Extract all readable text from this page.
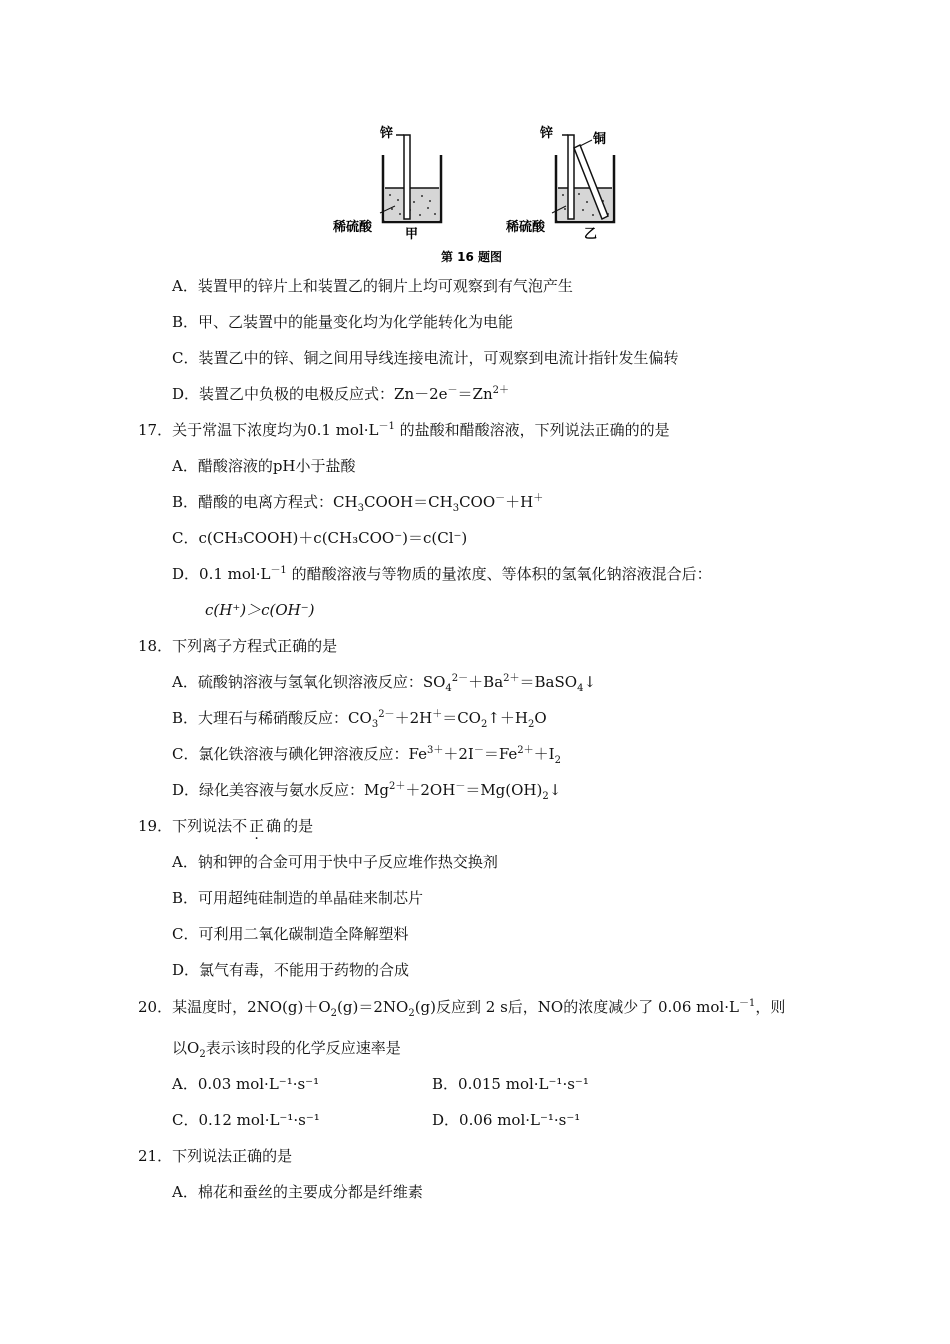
锌
稀硫酸	甲
锌	铜
稀硫酸	乙
第 16 题图
A．装置甲的锌片上和装置乙的铜片上均可观察到有气泡产生
B．甲、乙装置中的能量变化均为化学能转化为电能
C．装置乙中的锌、铜之间用导线连接电流计，可观察到电流计指针发生偏转
D．装置乙中负极的电极反应式：$Zn-2e^-=Zn^{2+}$
17．关于常温下浓度均为0.1 $mol\cdot L^{-1}$ 的盐酸和醋酸溶液，下列说法正确的的是
A．醋酸溶液的pH小于盐酸
B．醋酸的电离方程式：$CH_3COOH=CH_3COO^-+H^+$
C．c(CH₃COOH)＋c(CH₃COO⁻)＝c(Cl⁻)
D．0.1 $mol\cdot L^{-1}$ 的醋酸溶液与等物质的量浓度、等体积的氢氧化钠溶液混合后：
c(H⁺)＞c(OH⁻)
18．下列离子方程式正确的是
A．硫酸钠溶液与氢氧化钡溶液反应：$SO_4^{2-}+Ba^{2+}=BaSO_4↓$
B．大理石与稀硝酸反应：$CO_3^{2-}+2H^+=CO_2↑+H_2O$
C．氯化铁溶液与碘化钾溶液反应：$Fe^{3+}+2I^-=Fe^{2+}+I_2$
D．绿化美容液与氨水反应：$Mg^{2+}+2OH^-=Mg(OH)_2↓$
19．下列说法不正确的是
A．钠和钾的合金可用于快中子反应堆作热交换剂
B．可用超纯硅制造的单晶硅来制芯片
C．可利用二氧化碳制造全降解塑料
D．氯气有毒，不能用于药物的合成
20．某温度时，$2NO(g)+O_2(g)=2NO_2(g)$反应到 2 s后，NO的浓度减少了 0.06 $mol\cdot L^{-1}$，则
以$O_2$表示该时段的化学反应速率是
A．0.03 mol·L⁻¹·s⁻¹	B．0.015 mol·L⁻¹·s⁻¹
C．0.12 mol·L⁻¹·s⁻¹	D．0.06 mol·L⁻¹·s⁻¹
21．下列说法正确的是
A．棉花和蚕丝的主要成分都是纤维素
